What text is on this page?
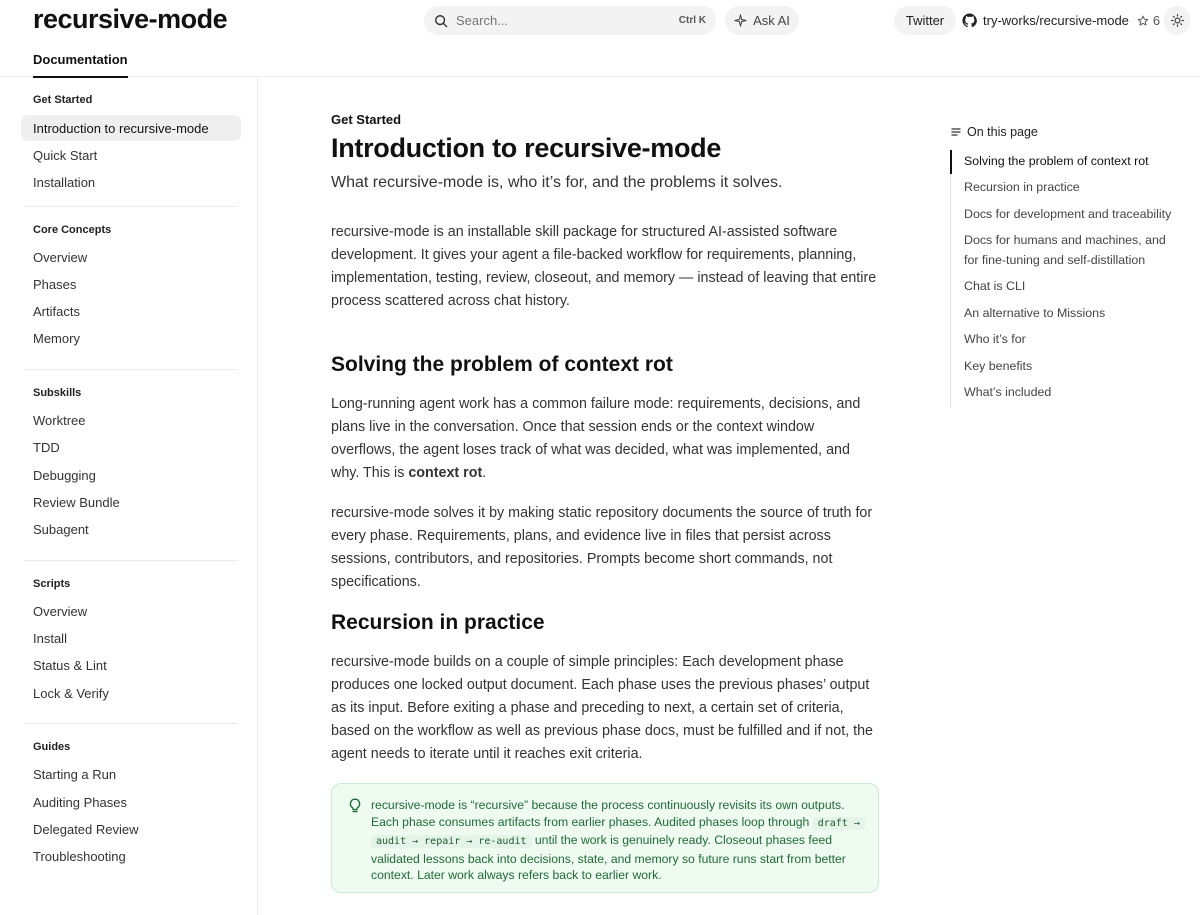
recursive-mode
Documentation
Search...	Ctrl K	Ask AI	Twitter	try-works/recursive-mode 6
Get Started
Introduction to recursive-mode
Quick Start
Installation
Core Concepts
Overview
Phases
Artifacts
Memory
Subskills
Worktree
TDD
Debugging
Review Bundle
Subagent
Scripts
Overview
Install
Status & Lint
Lock & Verify
Guides
Starting a Run
Auditing Phases
Delegated Review
Troubleshooting
Get Started
Introduction to recursive-mode
What recursive-mode is, who it’s for, and the problems it solves.

recursive-mode is an installable skill package for structured AI-assisted software development. It gives your agent a file-backed workflow for requirements, planning, implementation, testing, review, closeout, and memory — instead of leaving that entire process scattered across chat history.

Solving the problem of context rot

Long-running agent work has a common failure mode: requirements, decisions, and plans live in the conversation. Once that session ends or the context window overflows, the agent loses track of what was decided, what was implemented, and why. This is context rot.

recursive-mode solves it by making static repository documents the source of truth for every phase. Requirements, plans, and evidence live in files that persist across sessions, contributors, and repositories. Prompts become short commands, not specifications.

Recursion in practice

recursive-mode builds on a couple of simple principles: Each development phase produces one locked output document. Each phase uses the previous phases’ output as its input. Before exiting a phase and preceding to next, a certain set of criteria, based on the workflow as well as previous phase docs, must be fulfilled and if not, the agent needs to iterate until it reaches exit criteria.

recursive-mode is “recursive” because the process continuously revisits its own outputs. Each phase consumes artifacts from earlier phases. Audited phases loop through draft → audit → repair → re-audit until the work is genuinely ready. Closeout phases feed validated lessons back into decisions, state, and memory so future runs start from better context. Later work always refers back to earlier work.
On this page
Solving the problem of context rot
Recursion in practice
Docs for development and traceability
Docs for humans and machines, and for fine-tuning and self-distillation
Chat is CLI
An alternative to Missions
Who it’s for
Key benefits
What’s included
